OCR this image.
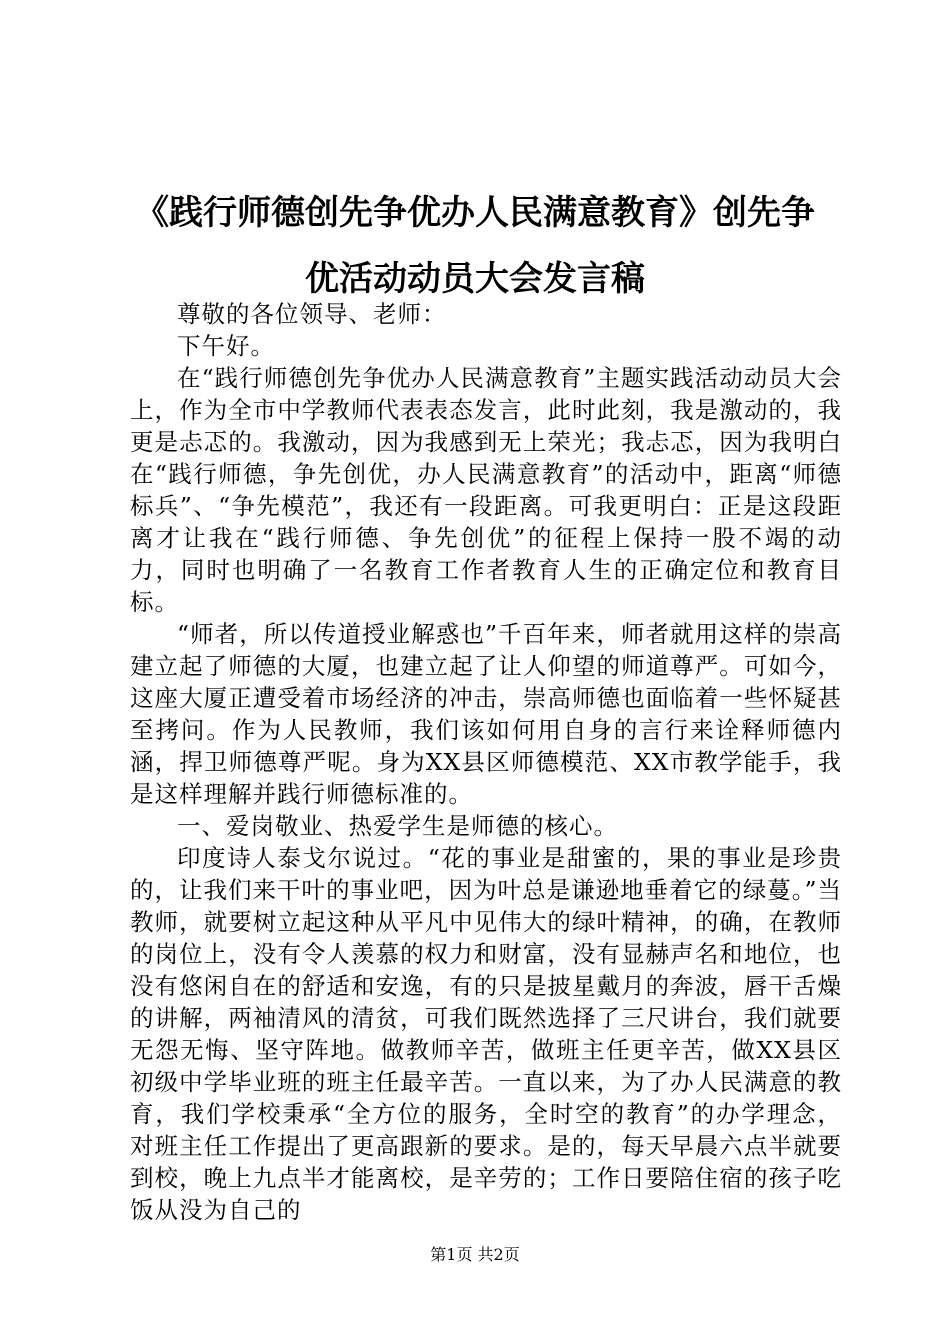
《践行师德创先争优办人民满意教育》创先争
优活动动员大会发言稿

尊敬的各位领导、老师：

下午好。

在“践行师德创先争优办人民满意教育”主题实践活动动员大会上，作为全市中学教师代表表态发言，此时此刻，我是激动的，我更是忐忑的。我激动，因为我感到无上荣光；我忐忑，因为我明白在“践行师德，争先创优，办人民满意教育”的活动中，距离“师德标兵”、“争先模范”，我还有一段距离。可我更明白：正是这段距离才让我在“践行师德、争先创优”的征程上保持一股不竭的动力，同时也明确了一名教育工作者教育人生的正确定位和教育目标。

“师者，所以传道授业解惑也”千百年来，师者就用这样的崇高建立起了师德的大厦，也建立起了让人仰望的师道尊严。可如今，这座大厦正遭受着市场经济的冲击，崇高师德也面临着一些怀疑甚至拷问。作为人民教师，我们该如何用自身的言行来诠释师德内涵，捍卫师德尊严呢。身为XX县区师德模范、XX市教学能手，我是这样理解并践行师德标准的。

一、爱岗敬业、热爱学生是师德的核心。

印度诗人泰戈尔说过。“花的事业是甜蜜的，果的事业是珍贵的，让我们来干叶的事业吧，因为叶总是谦逊地垂着它的绿蔓。”当教师，就要树立起这种从平凡中见伟大的绿叶精神，的确，在教师的岗位上，没有令人羡慕的权力和财富，没有显赫声名和地位，也没有悠闲自在的舒适和安逸，有的只是披星戴月的奔波，唇干舌燥的讲解，两袖清风的清贫，可我们既然选择了三尺讲台，我们就要无怨无悔、坚守阵地。做教师辛苦，做班主任更辛苦，做XX县区初级中学毕业班的班主任最辛苦。一直以来，为了办人民满意的教育，我们学校秉承“全方位的服务，全时空的教育”的办学理念，对班主任工作提出了更高跟新的要求。是的，每天早晨六点半就要到校，晚上九点半才能离校，是辛劳的；工作日要陪住宿的孩子吃饭从没为自己的

第1页 共2页
